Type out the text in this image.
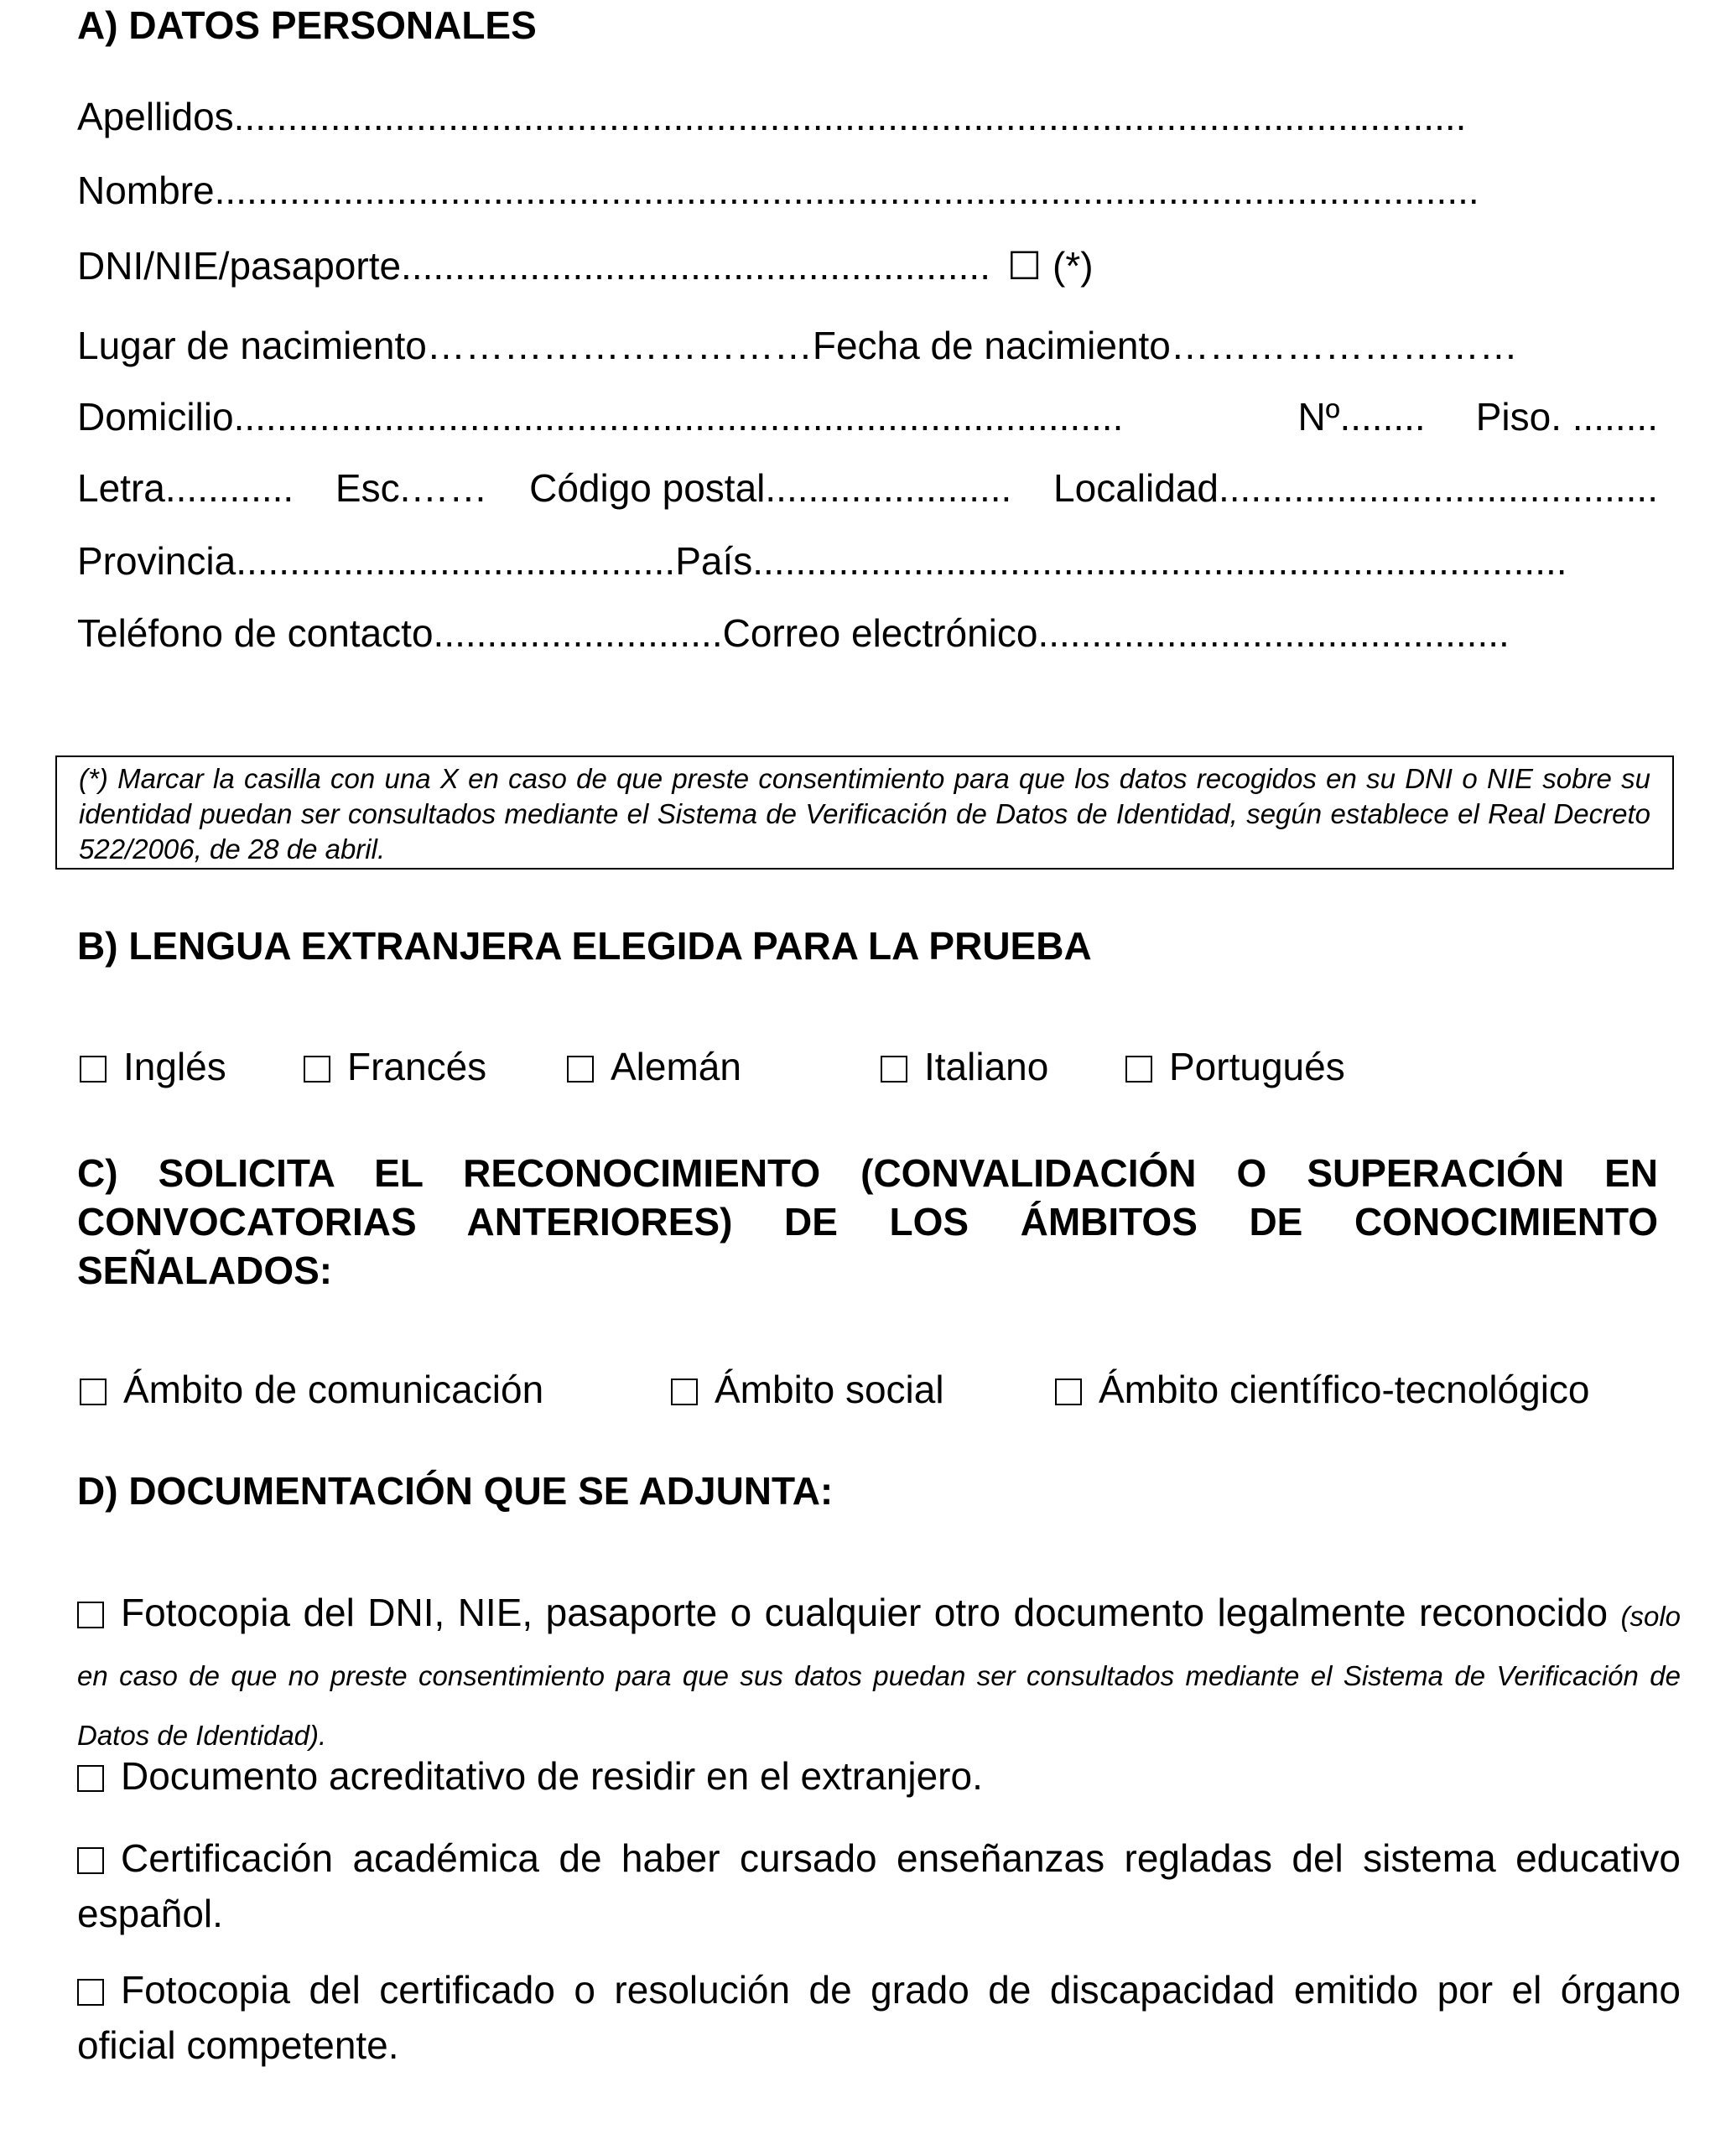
A) DATOS PERSONALES
Apellidos...................................................................................................................
Nombre......................................................................................................................
DNI/NIE/pasaporte....................................................... ☐ (*)
Lugar de nacimiento………………………… Fecha de nacimiento………………………
Domicilio...................................................................................	Nº........ Piso. ........
Letra............ Esc.…… Código postal....................... Localidad.........................................
Provincia......................................... País............................................................................
Teléfono de contacto........................... Correo electrónico............................................

(*) Marcar la casilla con una X en caso de que preste consentimiento para que los datos recogidos en su DNI o NIE sobre su identidad puedan ser consultados mediante el Sistema de Verificación de Datos de Identidad, según establece el Real Decreto 522/2006, de 28 de abril.

B) LENGUA EXTRANJERA ELEGIDA PARA LA PRUEBA
Inglés	Francés	Alemán	Italiano	Portugués
C) SOLICITA EL RECONOCIMIENTO (CONVALIDACIÓN O SUPERACIÓN EN CONVOCATORIAS ANTERIORES) DE LOS ÁMBITOS DE CONOCIMIENTO SEÑALADOS:
Ámbito de comunicación	Ámbito social	Ámbito científico-tecnológico
D) DOCUMENTACIÓN QUE SE ADJUNTA:
Fotocopia del DNI, NIE, pasaporte o cualquier otro documento legalmente reconocido (solo en caso de que no preste consentimiento para que sus datos puedan ser consultados mediante el Sistema de Verificación de Datos de Identidad).
Documento acreditativo de residir en el extranjero.
Certificación académica de haber cursado enseñanzas regladas del sistema educativo español.
Fotocopia del certificado o resolución de grado de discapacidad emitido por el órgano oficial competente.
